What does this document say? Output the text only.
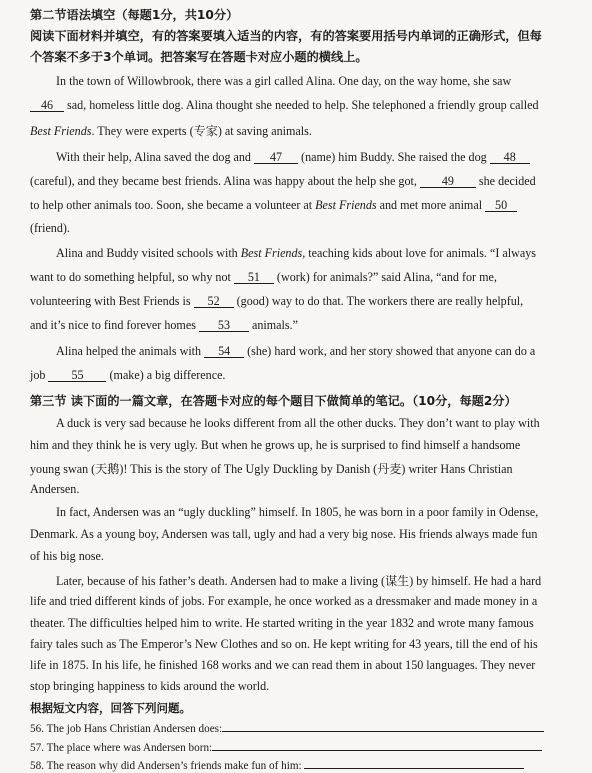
第二节语法填空（每题1分，共10分）
阅读下面材料并填空，有的答案要填入适当的内容，有的答案要用括号内单词的正确形式，但每
个答案不多于3个单词。把答案写在答题卡对应小题的横线上。
In the town of Willowbrook, there was a girl called Alina. One day, on the way home, she saw
46 sad, homeless little dog. Alina thought she needed to help. She telephoned a friendly group called
Best Friends. They were experts (专家) at saving animals.
With their help, Alina saved the dog and 47 (name) him Buddy. She raised the dog 48
(careful), and they became best friends. Alina was happy about the help she got, 49 she decided
to help other animals too. Soon, she became a volunteer at Best Friends and met more animal 50
(friend).
Alina and Buddy visited schools with Best Friends, teaching kids about love for animals. “I always
want to do something helpful, so why not 51 (work) for animals?” said Alina, “and for me,
volunteering with Best Friends is 52 (good) way to do that. The workers there are really helpful,
and it’s nice to find forever homes 53 animals.”
Alina helped the animals with 54 (she) hard work, and her story showed that anyone can do a
job 55 (make) a big difference.
第三节 读下面的一篇文章，在答题卡对应的每个题目下做简单的笔记。（10分，每题2分）
A duck is very sad because he looks different from all the other ducks. They don’t want to play with
him and they think he is very ugly. But when he grows up, he is surprised to find himself a handsome
young swan (天鹅)! This is the story of The Ugly Duckling by Danish (丹麦) writer Hans Christian
Andersen.
In fact, Andersen was an “ugly duckling” himself. In 1805, he was born in a poor family in Odense,
Denmark. As a young boy, Andersen was tall, ugly and had a very big nose. His friends always made fun
of his big nose.
Later, because of his father’s death. Andersen had to make a living (谋生) by himself. He had a hard
life and tried different kinds of jobs. For example, he once worked as a dressmaker and made money in a
theater. The difficulties helped him to write. He started writing in the year 1832 and wrote many famous
fairy tales such as The Emperor’s New Clothes and so on. He kept writing for 43 years, till the end of his
life in 1875. In his life, he finished 168 works and we can read them in about 150 languages. They never
stop bringing happiness to kids around the world.
根据短文内容，回答下列问题。
56. The job Hans Christian Andersen does:
57. The place where was Andersen born:
58. The reason why did Andersen’s friends make fun of him:
